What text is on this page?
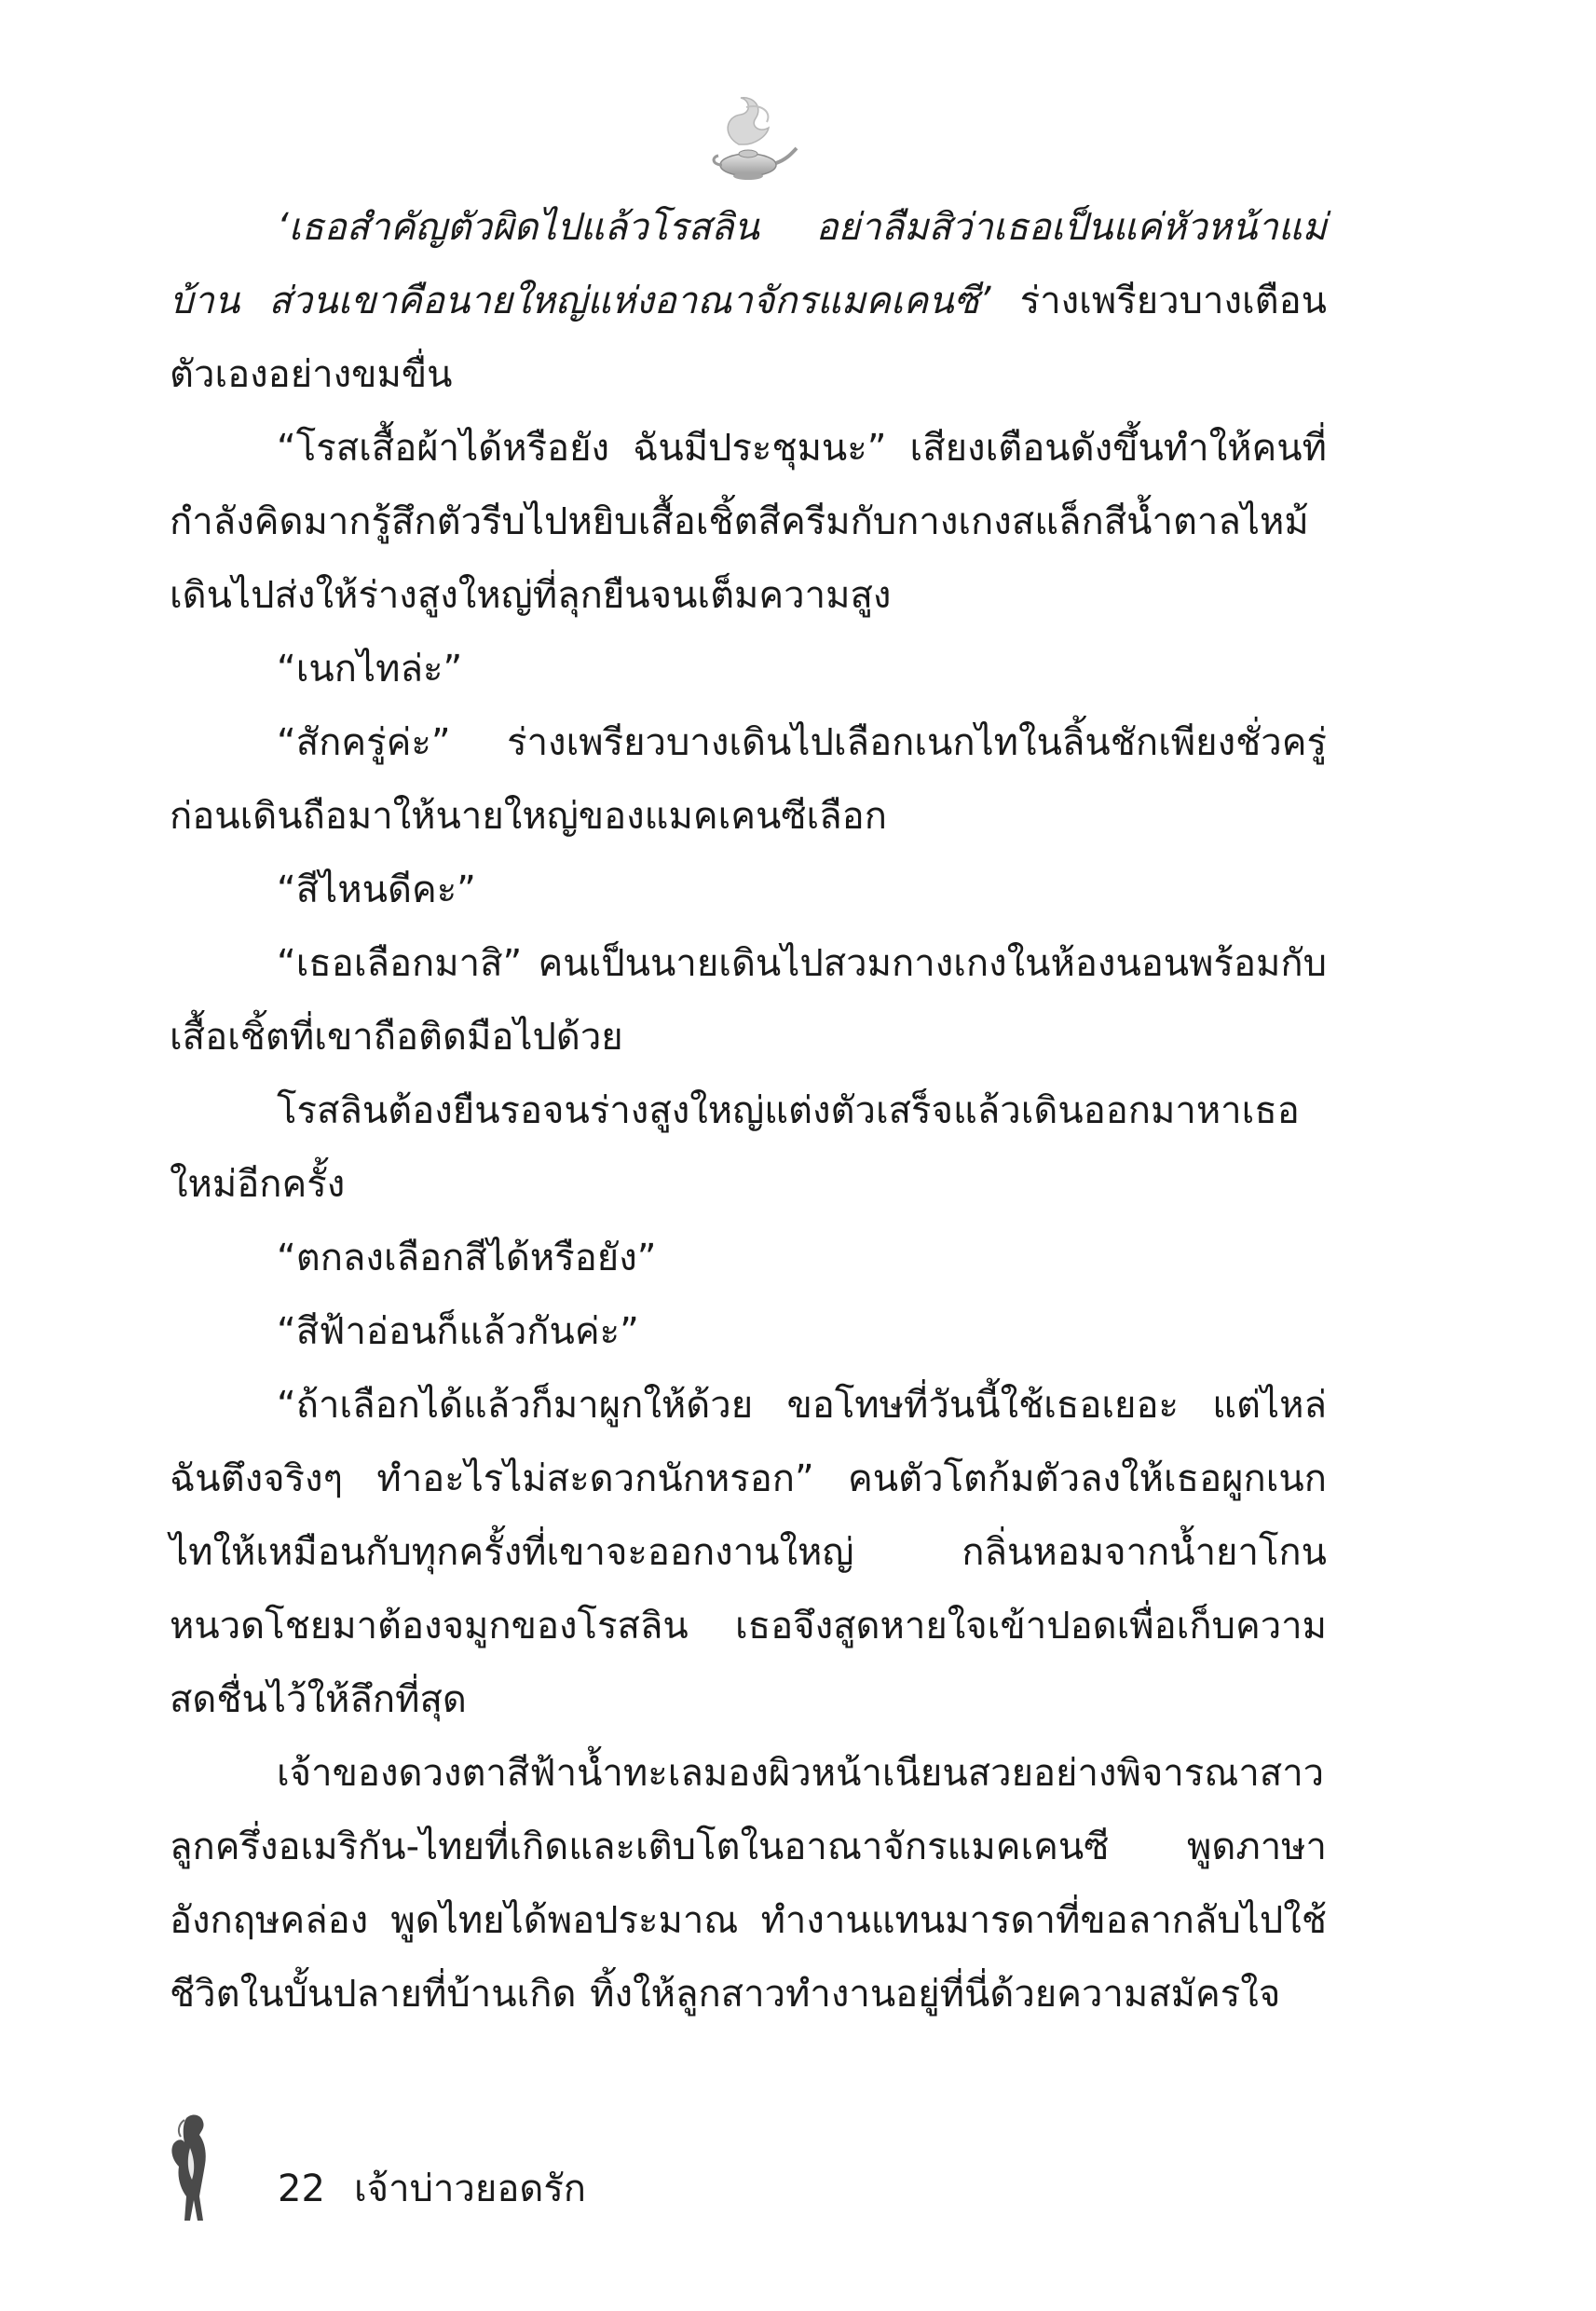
‘เธอสำคัญตัวผิดไปแล้วโรสลิน อย่าลืมสิว่าเธอเป็นแค่หัวหน้าแม่บ้าน ส่วนเขาคือนายใหญ่แห่งอาณาจักรแมคเคนซี’ ร่างเพรียวบางเตือนตัวเองอย่างขมขื่น

“โรสเสื้อผ้าได้หรือยัง ฉันมีประชุมนะ” เสียงเตือนดังขึ้นทำให้คนที่กำลังคิดมากรู้สึกตัวรีบไปหยิบเสื้อเชิ้ตสีครีมกับกางเกงสแล็กสีน้ำตาลไหม้เดินไปส่งให้ร่างสูงใหญ่ที่ลุกยืนจนเต็มความสูง

“เนกไทล่ะ”

“สักครู่ค่ะ” ร่างเพรียวบางเดินไปเลือกเนกไทในลิ้นชักเพียงชั่วครู่ก่อนเดินถือมาให้นายใหญ่ของแมคเคนซีเลือก

“สีไหนดีคะ”

“เธอเลือกมาสิ” คนเป็นนายเดินไปสวมกางเกงในห้องนอนพร้อมกับเสื้อเชิ้ตที่เขาถือติดมือไปด้วย

โรสลินต้องยืนรอจนร่างสูงใหญ่แต่งตัวเสร็จแล้วเดินออกมาหาเธอใหม่อีกครั้ง

“ตกลงเลือกสีได้หรือยัง”

“สีฟ้าอ่อนก็แล้วกันค่ะ”

“ถ้าเลือกได้แล้วก็มาผูกให้ด้วย ขอโทษที่วันนี้ใช้เธอเยอะ แต่ไหล่ฉันตึงจริงๆ ทำอะไรไม่สะดวกนักหรอก” คนตัวโตก้มตัวลงให้เธอผูกเนกไทให้เหมือนกับทุกครั้งที่เขาจะออกงานใหญ่ กลิ่นหอมจากน้ำยาโกนหนวดโชยมาต้องจมูกของโรสลิน เธอจึงสูดหายใจเข้าปอดเพื่อเก็บความสดชื่นไว้ให้ลึกที่สุด

เจ้าของดวงตาสีฟ้าน้ำทะเลมองผิวหน้าเนียนสวยอย่างพิจารณาสาวลูกครึ่งอเมริกัน-ไทยที่เกิดและเติบโตในอาณาจักรแมคเคนซี พูดภาษาอังกฤษคล่อง พูดไทยได้พอประมาณ ทำงานแทนมารดาที่ขอลากลับไปใช้ชีวิตในบั้นปลายที่บ้านเกิด ทิ้งให้ลูกสาวทำงานอยู่ที่นี่ด้วยความสมัครใจ

22 เจ้าบ่าวยอดรัก
